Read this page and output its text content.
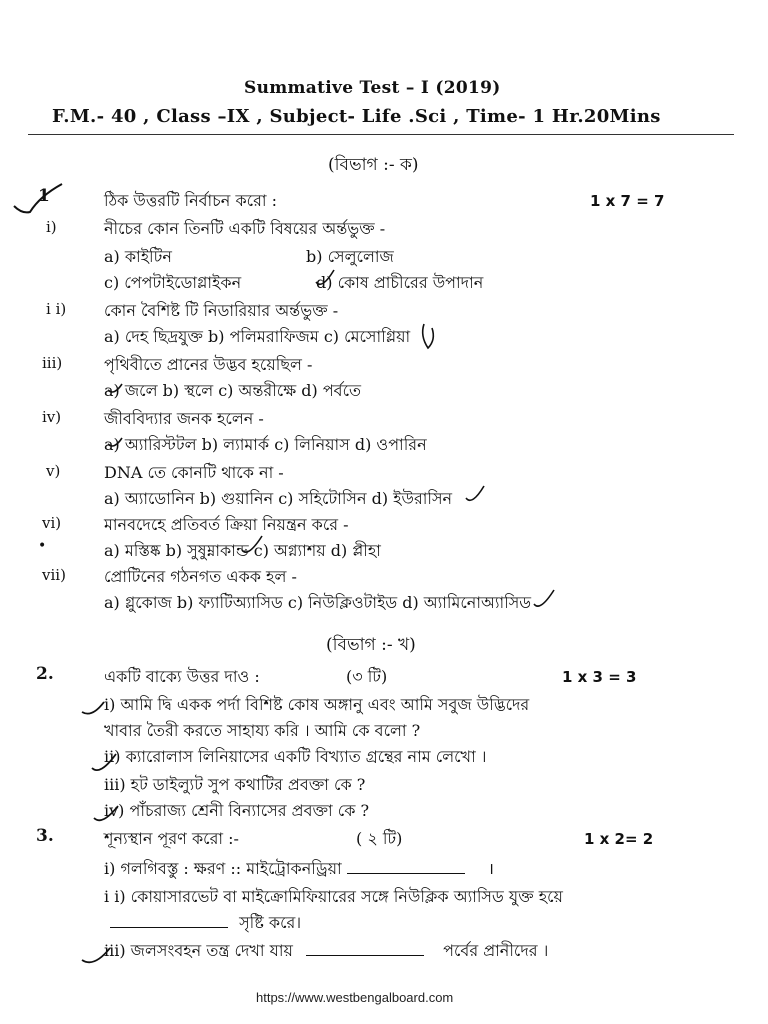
Summative Test – I (2019)
F.M.- 40 , Class –IX , Subject- Life .Sci , Time- 1 Hr.20Mins
(বিভাগ :- ক)
1	ঠিক উত্তরটি নির্বাচন করো :	1 x 7 = 7
i)	নীচের কোন তিনটি একটি বিষয়ের অর্ন্তভুক্ত -
a) কাইটিন	b) সেলুলোজ
c) পেপটাইডোগ্লাইকন	d) কোষ প্রাচীরের উপাদান
i i) কোন বৈশিষ্ট টি নিডারিয়ার অর্ন্তভুক্ত -
a) দেহ ছিদ্রযুক্ত b) পলিমরাফিজম c) মেসোগ্লিয়া
iii)	পৃথিবীতে প্রানের উদ্ভব হয়েছিল -
a) জলে b) স্থলে c) অন্তরীক্ষে d) পর্বতে
iv)	জীববিদ্যার জনক হলেন -
a) অ্যারিস্টটল b) ল্যামার্ক c) লিনিয়াস d) ওপারিন
v)	DNA তে কোনটি থাকে না -
a) অ্যাডোনিন b) গুয়ানিন c) সহিটোসিন d) ইউরাসিন
vi)	মানবদেহে প্রতিবর্ত ক্রিয়া নিয়ন্ত্রন করে -
•	a) মস্তিষ্ক b) সুষুম্নাকান্ড c) অগ্ন্যাশয় d) প্লীহা
vii) প্রোটিনের গঠনগত একক হল -
a) গ্লুকোজ b) ফ্যাটিঅ্যাসিড c) নিউক্লিওটাইড d) অ্যামিনোঅ্যাসিড
(বিভাগ :- খ)
2.	একটি বাক্যে উত্তর দাও :	(৩ টি)	1 x 3 = 3
i) আমি দ্বি একক পর্দা বিশিষ্ট কোষ অঙ্গানু এবং আমি সবুজ উদ্ভিদের
খাবার তৈরী করতে সাহায্য করি । আমি কে বলো ?
ii) ক্যারোলাস লিনিয়াসের একটি বিখ্যাত গ্রন্থের নাম লেখো ।
iii) হট ডাইল্যুট সুপ কথাটির প্রবক্তা কে ?
iv) পাঁচরাজ্য শ্রেনী বিন্যাসের প্রবক্তা কে ?
3.	শূন্যস্থান পূরণ করো :-	( ২ টি)	1 x 2= 2
i) গলগিবস্তু : ক্ষরণ :: মাইট্রোকনড্রিয়া	।
i i) কোয়াসারভেট বা মাইক্রোমিফিয়ারের সঙ্গে নিউক্লিক অ্যাসিড যুক্ত হয়ে
সৃষ্টি করে।
iii) জলসংবহন তন্ত্র দেখা যায়	পর্বের প্রানীদের ।
https://www.westbengalboard.com
